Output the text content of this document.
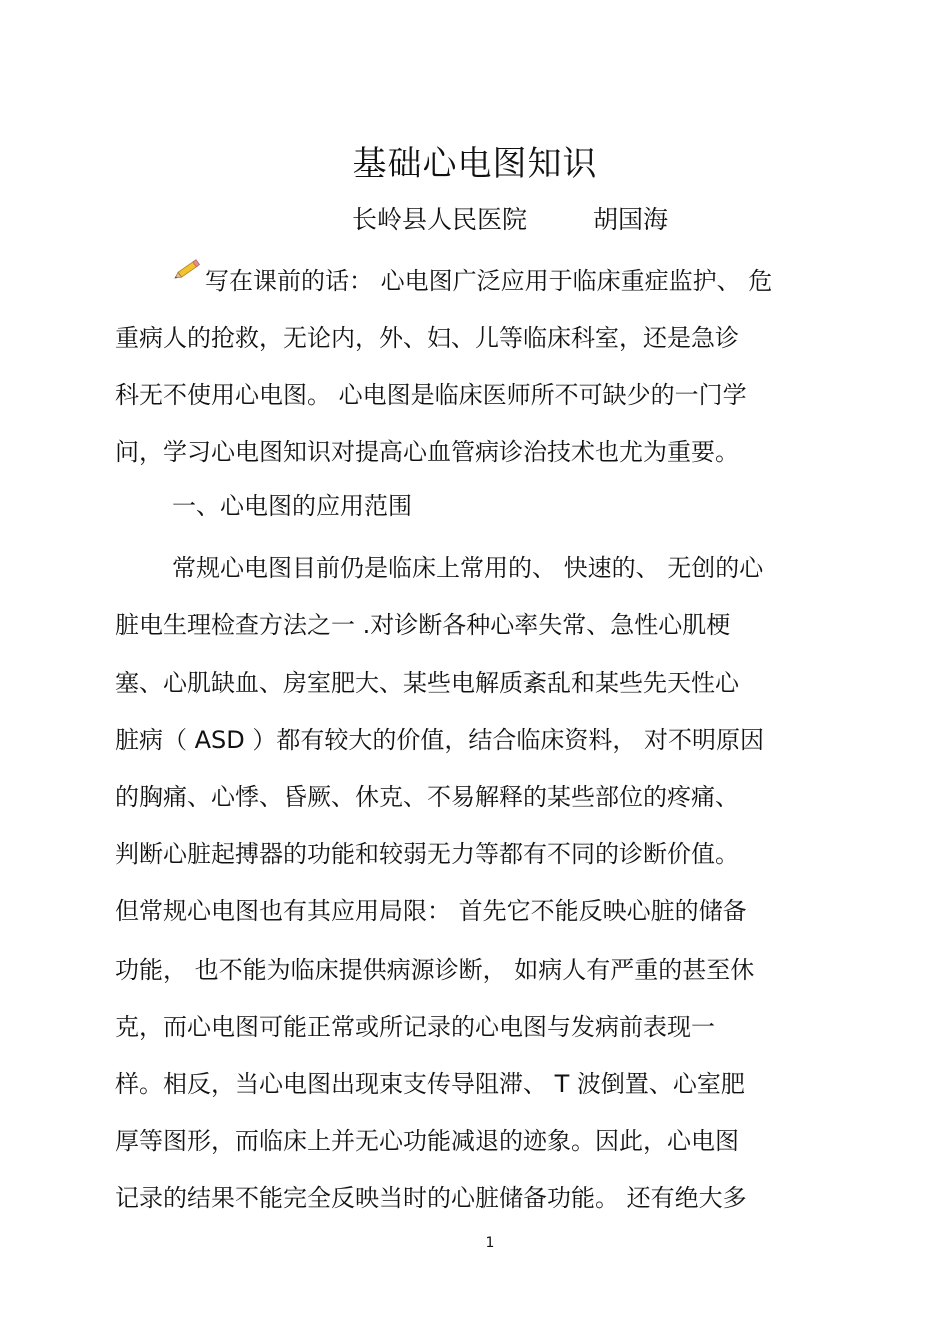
基础心电图知识
长岭县人民医院	胡国海
写在课前的话： 心电图广泛应用于临床重症监护、 危
重病人的抢救，无论内，外、妇、儿等临床科室，还是急诊
科无不使用心电图。 心电图是临床医师所不可缺少的一门学
问，学习心电图知识对提高心血管病诊治技术也尤为重要。
一、心电图的应用范围
常规心电图目前仍是临床上常用的、 快速的、 无创的心
脏电生理检查方法之一 .对诊断各种心率失常、急性心肌梗
塞、心肌缺血、房室肥大、某些电解质紊乱和某些先天性心
脏病（ ASD ）都有较大的价值，结合临床资料， 对不明原因
的胸痛、心悸、昏厥、休克、不易解释的某些部位的疼痛、
判断心脏起搏器的功能和较弱无力等都有不同的诊断价值。
但常规心电图也有其应用局限： 首先它不能反映心脏的储备
功能， 也不能为临床提供病源诊断， 如病人有严重的甚至休
克，而心电图可能正常或所记录的心电图与发病前表现一
样。相反，当心电图出现束支传导阻滞、 T 波倒置、心室肥
厚等图形，而临床上并无心功能减退的迹象。因此，心电图
记录的结果不能完全反映当时的心脏储备功能。 还有绝大多
1
